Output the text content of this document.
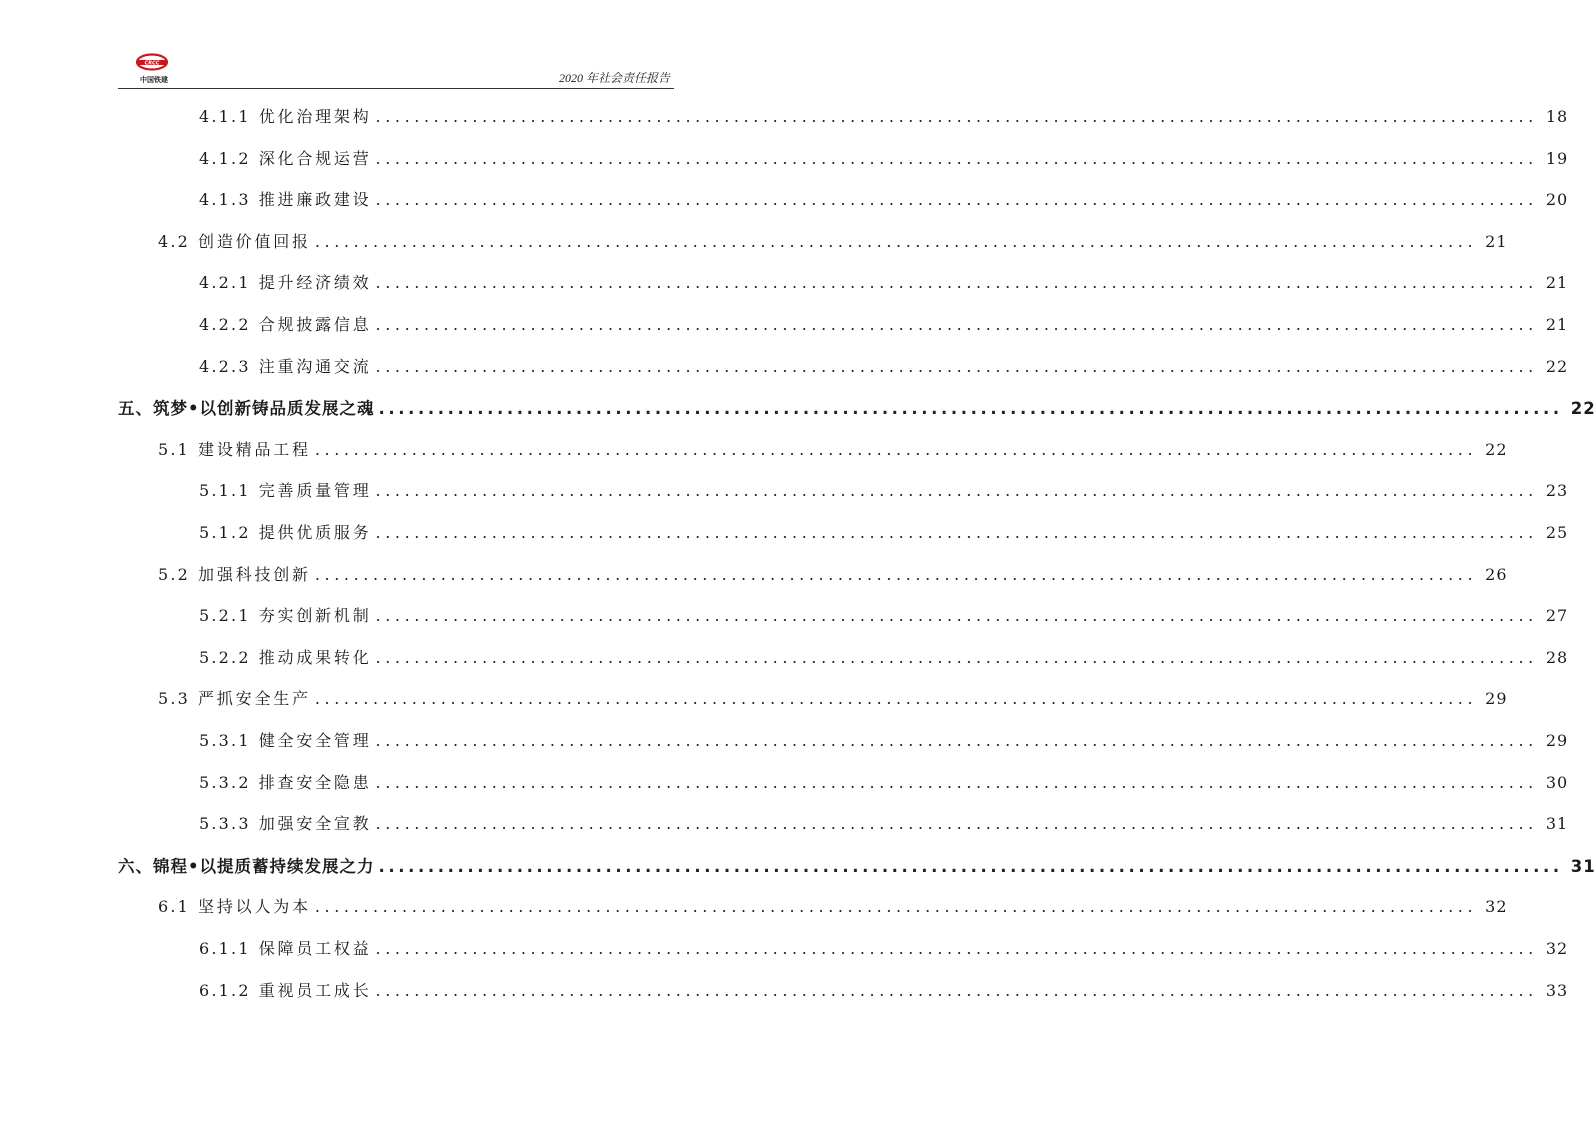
CRCC
中国铁建	2020 年社会责任报告
4.1.1 优化治理架构 ........................................................................................................................ 18
4.1.2 深化合规运营 ........................................................................................................................ 19
4.1.3 推进廉政建设 ........................................................................................................................ 20
4.2 创造价值回报 ........................................................................................................................ 21
4.2.1 提升经济绩效 ........................................................................................................................ 21
4.2.2 合规披露信息 ........................................................................................................................ 21
4.2.3 注重沟通交流 ........................................................................................................................ 22
五、筑梦•以创新铸品质发展之魂 ........................................................................................................................ 22
5.1 建设精品工程 ........................................................................................................................ 22
5.1.1 完善质量管理 ........................................................................................................................ 23
5.1.2 提供优质服务 ........................................................................................................................ 25
5.2 加强科技创新 ........................................................................................................................ 26
5.2.1 夯实创新机制 ........................................................................................................................ 27
5.2.2 推动成果转化 ........................................................................................................................ 28
5.3 严抓安全生产 ........................................................................................................................ 29
5.3.1 健全安全管理 ........................................................................................................................ 29
5.3.2 排查安全隐患 ........................................................................................................................ 30
5.3.3 加强安全宣教 ........................................................................................................................ 31
六、锦程•以提质蓄持续发展之力 ........................................................................................................................ 31
6.1 坚持以人为本 ........................................................................................................................ 32
6.1.1 保障员工权益 ........................................................................................................................ 32
6.1.2 重视员工成长 ........................................................................................................................ 33
